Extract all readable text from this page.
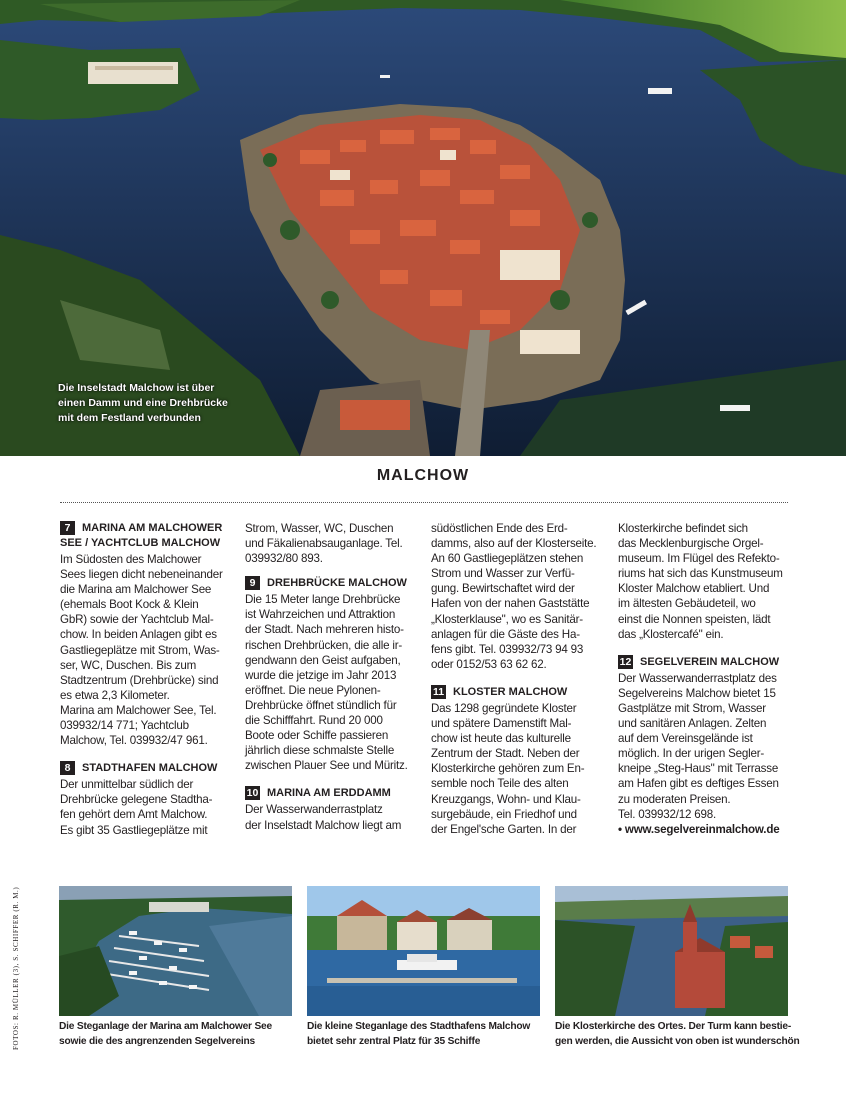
Die Inselstadt Malchow ist über
einen Damm und eine Drehbrücke
mit dem Festland verbunden
MALCHOW
7 MARINA AM MALCHOWER
SEE / YACHTCLUB MALCHOW

Im Südosten des Malchower

Sees liegen dicht nebeneinander

die Marina am Malchower See

(ehemals Boot Kock & Klein

GbR) sowie der Yachtclub Mal-

chow. In beiden Anlagen gibt es

Gastliegeplätze mit Strom, Was-

ser, WC, Duschen. Bis zum

Stadtzentrum (Drehbrücke) sind

es etwa 2,3 Kilometer.

Marina am Malchower See, Tel.

039932/14 771; Yachtclub

Malchow, Tel. 039932/47 961.

8 STADTHAFEN MALCHOW

Der unmittelbar südlich der

Drehbrücke gelegene Stadtha-

fen gehört dem Amt Malchow.

Es gibt 35 Gastliegeplätze mit

Strom, Wasser, WC, Duschen

und Fäkalienabsauganlage. Tel.

039932/80 893.

9 DREHBRÜCKE MALCHOW

Die 15 Meter lange Drehbrücke

ist Wahrzeichen und Attraktion

der Stadt. Nach mehreren histo-

rischen Drehbrücken, die alle ir-

gendwann den Geist aufgaben,

wurde die jetzige im Jahr 2013

eröffnet. Die neue Pylonen-

Drehbrücke öffnet stündlich für

die Schifffahrt. Rund 20 000

Boote oder Schiffe passieren

jährlich diese schmalste Stelle

zwischen Plauer See und Müritz.

10 MARINA AM ERDDAMM

Der Wasserwanderrastplatz

der Inselstadt Malchow liegt am

südöstlichen Ende des Erd-

damms, also auf der Klosterseite.

An 60 Gastliegeplätzen stehen

Strom und Wasser zur Verfü-

gung. Bewirtschaftet wird der

Hafen von der nahen Gaststätte

„Klosterklause", wo es Sanitär-

anlagen für die Gäste des Ha-

fens gibt. Tel. 039932/73 94 93

oder 0152/53 63 62 62.

11 KLOSTER MALCHOW

Das 1298 gegründete Kloster

und spätere Damenstift Mal-

chow ist heute das kulturelle

Zentrum der Stadt. Neben der

Klosterkirche gehören zum En-

semble noch Teile des alten

Kreuzgangs, Wohn- und Klau-

surgebäude, ein Friedhof und

der Engel'sche Garten. In der

Klosterkirche befindet sich

das Mecklenburgische Orgel-

museum. Im Flügel des Refekto-

riums hat sich das Kunstmuseum

Kloster Malchow etabliert. Und

im ältesten Gebäudeteil, wo

einst die Nonnen speisten, lädt

das „Klostercafé" ein.

12 SEGELVEREIN MALCHOW

Der Wasserwanderrastplatz des

Segelvereins Malchow bietet 15

Gastplätze mit Strom, Wasser

und sanitären Anlagen. Zelten

auf dem Vereinsgelände ist

möglich. In der urigen Segler-

kneipe „Steg-Haus" mit Terrasse

am Hafen gibt es deftiges Essen

zu moderaten Preisen.

Tel. 039932/12 698.

• www.segelvereinmalchow.de

Die Steganlage der Marina am Malchower See
sowie die des angrenzenden Segelvereins
Die kleine Steganlage des Stadthafens Malchow
bietet sehr zentral Platz für 35 Schiffe
Die Klosterkirche des Ortes. Der Turm kann bestie-
gen werden, die Aussicht von oben ist wunderschön
FOTOS: R. MÜLLER (3), S. SCHIFFER (R. M.)
